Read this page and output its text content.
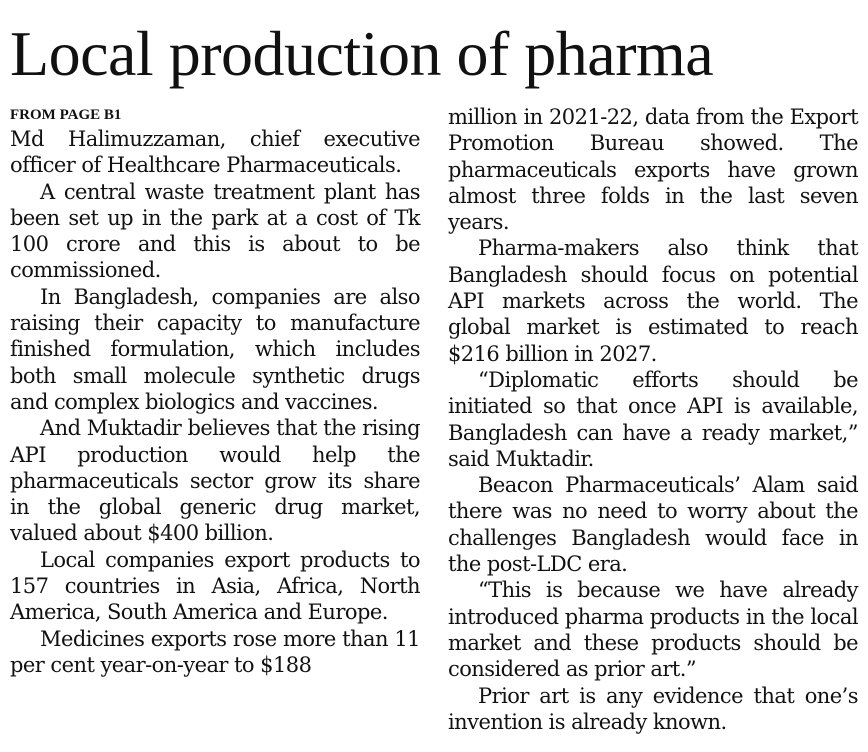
Local production of pharma
FROM PAGE B1

Md Halimuzzaman, chief executive officer of Healthcare Pharmaceuticals.

A central waste treatment plant has been set up in the park at a cost of Tk 100 crore and this is about to be commissioned.

In Bangladesh, companies are also raising their capacity to manufacture finished formulation, which includes both small molecule synthetic drugs and complex biologics and vaccines.

And Muktadir believes that the rising API production would help the pharmaceuticals sector grow its share in the global generic drug market, valued about $400 billion.

Local companies export products to 157 countries in Asia, Africa, North America, South America and Europe.

Medicines exports rose more than 11 per cent year-on-year to $188

million in 2021-22, data from the Export Promotion Bureau showed. The pharmaceuticals exports have grown almost three folds in the last seven years.

Pharma-makers also think that Bangladesh should focus on potential API markets across the world. The global market is estimated to reach $216 billion in 2027.

“Diplomatic efforts should be initiated so that once API is available, Bangladesh can have a ready market,” said Muktadir.

Beacon Pharmaceuticals’ Alam said there was no need to worry about the challenges Bangladesh would face in the post-LDC era.

“This is because we have already introduced pharma products in the local market and these products should be considered as prior art.”

Prior art is any evidence that one’s invention is already known.
